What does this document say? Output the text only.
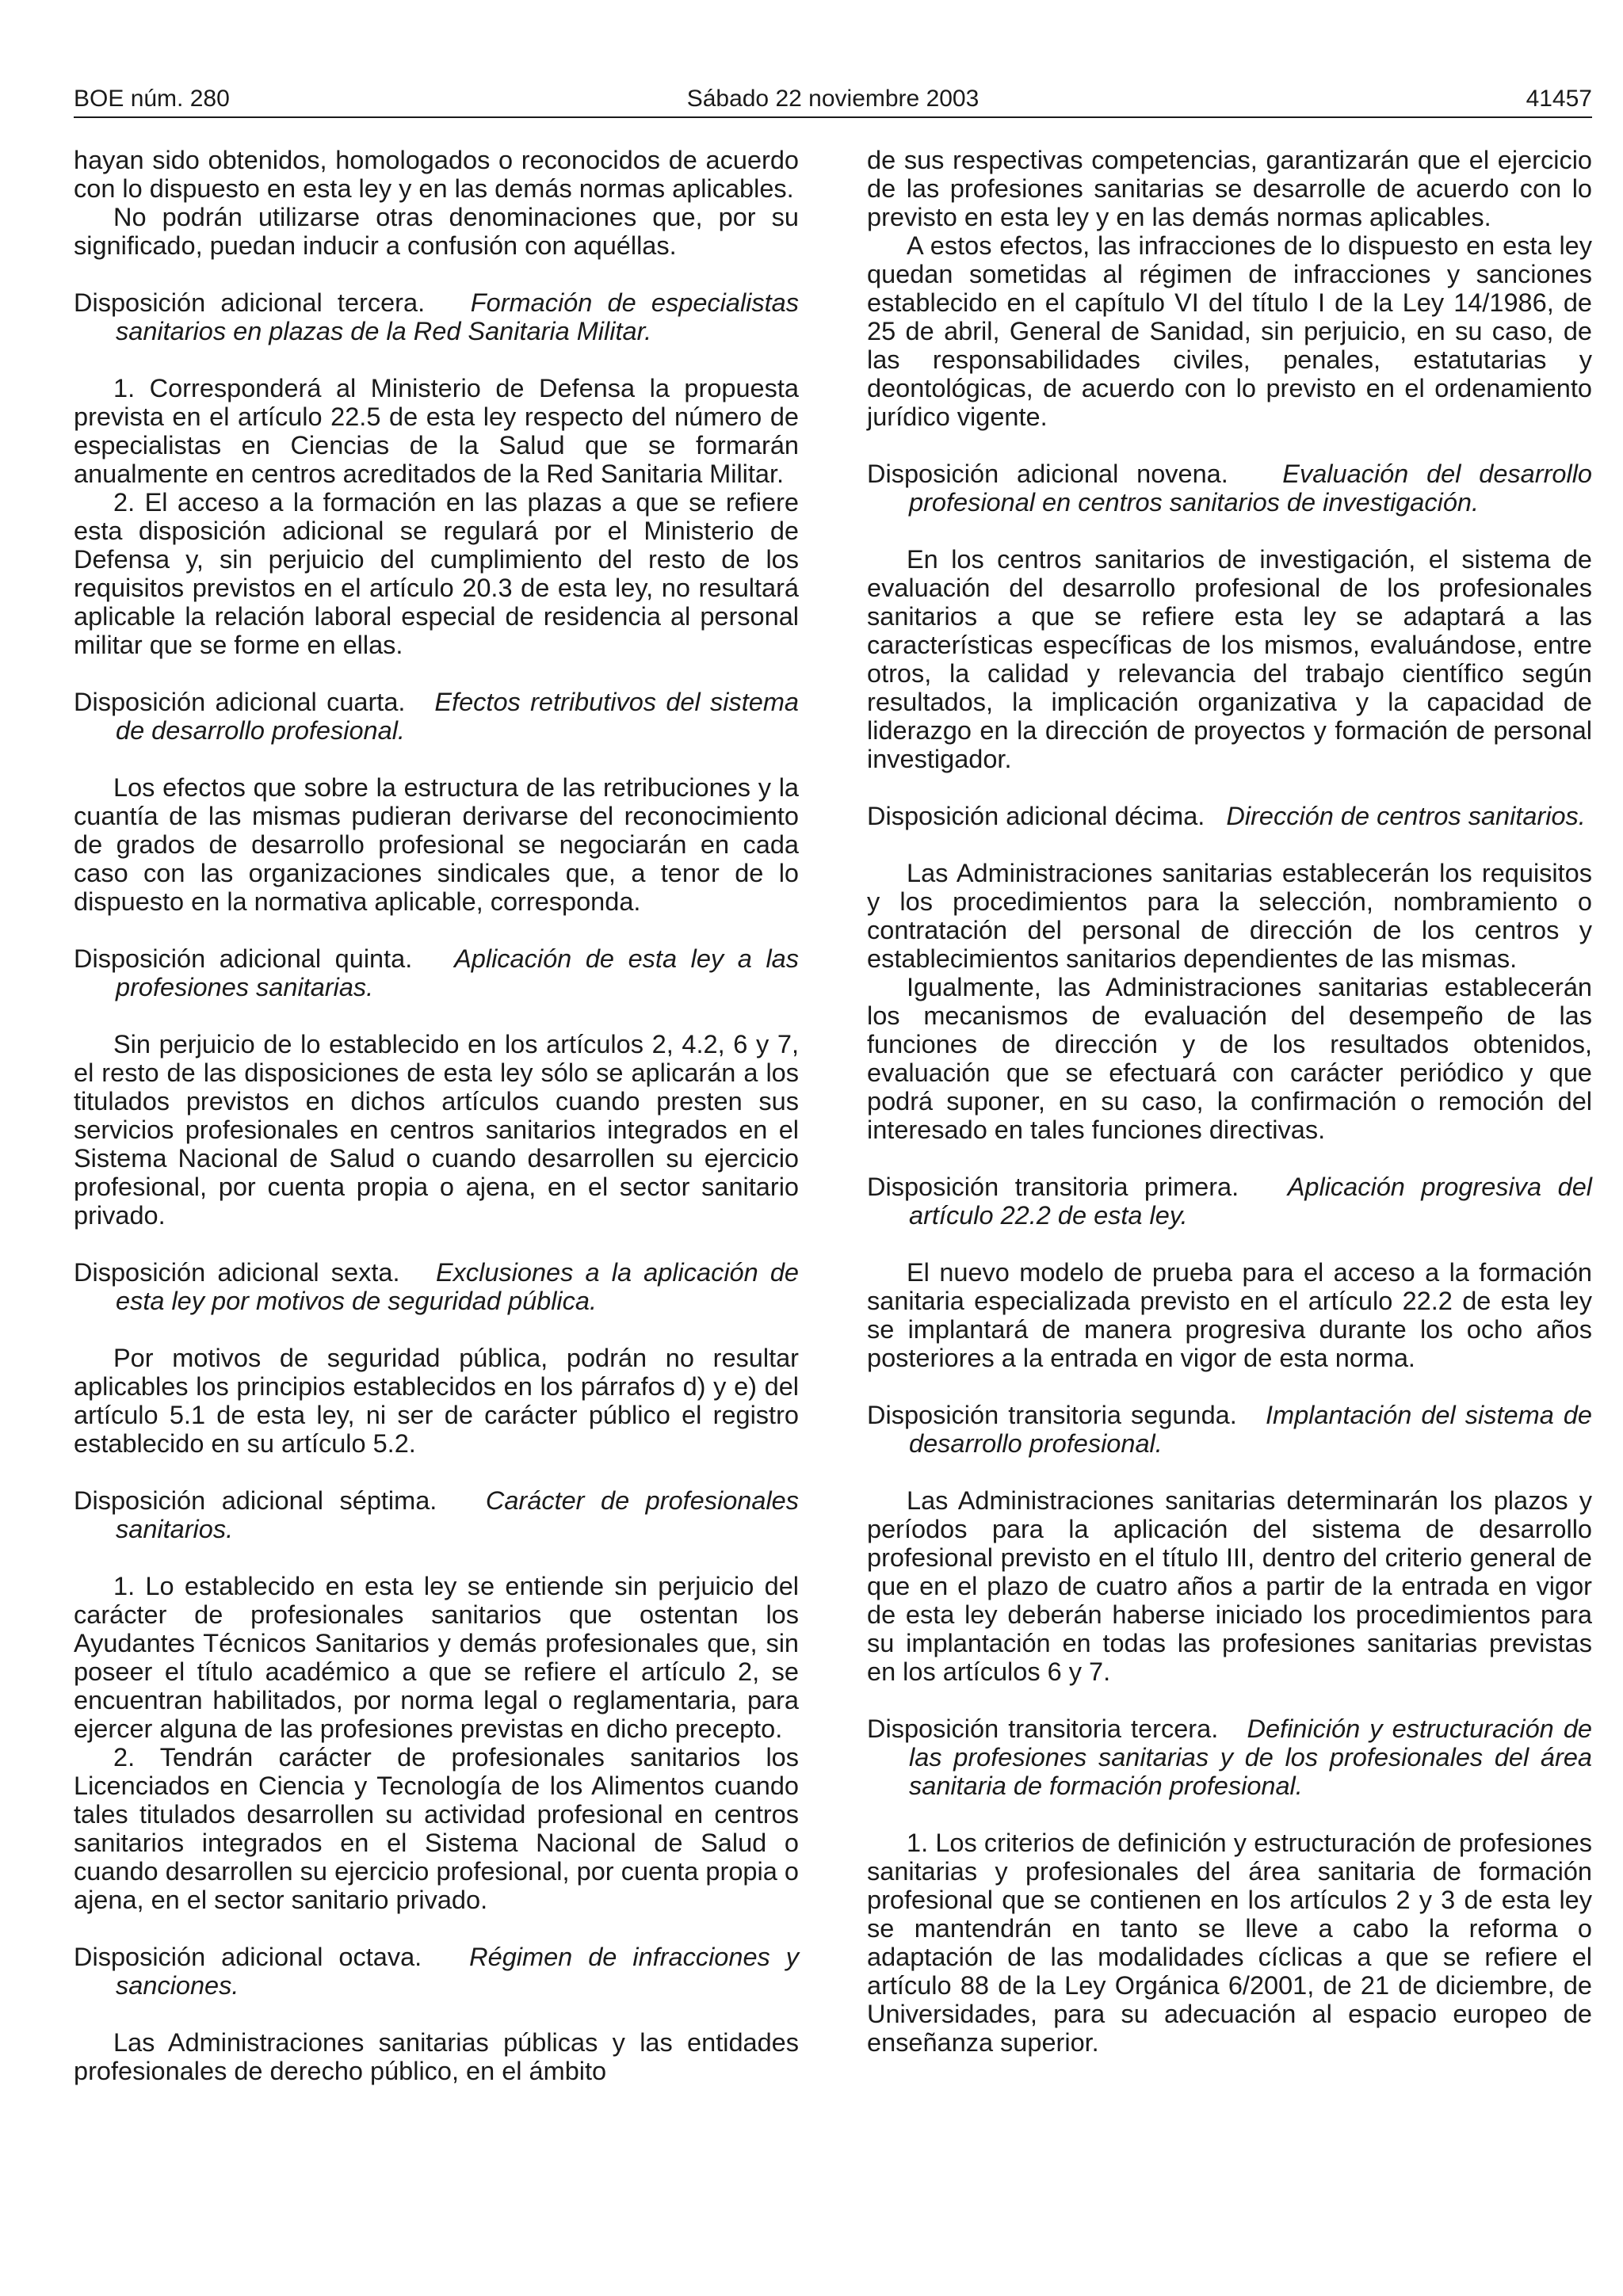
BOE núm. 280	Sábado 22 noviembre 2003	41457

hayan sido obtenidos, homologados o reconocidos de acuerdo con lo dispuesto en esta ley y en las demás normas aplicables.

No podrán utilizarse otras denominaciones que, por su significado, puedan inducir a confusión con aquéllas.

Disposición adicional tercera. Formación de especialistas sanitarios en plazas de la Red Sanitaria Militar.

1. Corresponderá al Ministerio de Defensa la propuesta prevista en el artículo 22.5 de esta ley respecto del número de especialistas en Ciencias de la Salud que se formarán anualmente en centros acreditados de la Red Sanitaria Militar.

2. El acceso a la formación en las plazas a que se refiere esta disposición adicional se regulará por el Ministerio de Defensa y, sin perjuicio del cumplimiento del resto de los requisitos previstos en el artículo 20.3 de esta ley, no resultará aplicable la relación laboral especial de residencia al personal militar que se forme en ellas.

Disposición adicional cuarta. Efectos retributivos del sistema de desarrollo profesional.

Los efectos que sobre la estructura de las retribuciones y la cuantía de las mismas pudieran derivarse del reconocimiento de grados de desarrollo profesional se negociarán en cada caso con las organizaciones sindicales que, a tenor de lo dispuesto en la normativa aplicable, corresponda.

Disposición adicional quinta. Aplicación de esta ley a las profesiones sanitarias.

Sin perjuicio de lo establecido en los artículos 2, 4.2, 6 y 7, el resto de las disposiciones de esta ley sólo se aplicarán a los titulados previstos en dichos artículos cuando presten sus servicios profesionales en centros sanitarios integrados en el Sistema Nacional de Salud o cuando desarrollen su ejercicio profesional, por cuenta propia o ajena, en el sector sanitario privado.

Disposición adicional sexta. Exclusiones a la aplicación de esta ley por motivos de seguridad pública.

Por motivos de seguridad pública, podrán no resultar aplicables los principios establecidos en los párrafos d) y e) del artículo 5.1 de esta ley, ni ser de carácter público el registro establecido en su artículo 5.2.

Disposición adicional séptima. Carácter de profesionales sanitarios.

1. Lo establecido en esta ley se entiende sin perjuicio del carácter de profesionales sanitarios que ostentan los Ayudantes Técnicos Sanitarios y demás profesionales que, sin poseer el título académico a que se refiere el artículo 2, se encuentran habilitados, por norma legal o reglamentaria, para ejercer alguna de las profesiones previstas en dicho precepto.

2. Tendrán carácter de profesionales sanitarios los Licenciados en Ciencia y Tecnología de los Alimentos cuando tales titulados desarrollen su actividad profesional en centros sanitarios integrados en el Sistema Nacional de Salud o cuando desarrollen su ejercicio profesional, por cuenta propia o ajena, en el sector sanitario privado.

Disposición adicional octava. Régimen de infracciones y sanciones.

Las Administraciones sanitarias públicas y las entidades profesionales de derecho público, en el ámbito

de sus respectivas competencias, garantizarán que el ejercicio de las profesiones sanitarias se desarrolle de acuerdo con lo previsto en esta ley y en las demás normas aplicables.

A estos efectos, las infracciones de lo dispuesto en esta ley quedan sometidas al régimen de infracciones y sanciones establecido en el capítulo VI del título I de la Ley 14/1986, de 25 de abril, General de Sanidad, sin perjuicio, en su caso, de las responsabilidades civiles, penales, estatutarias y deontológicas, de acuerdo con lo previsto en el ordenamiento jurídico vigente.

Disposición adicional novena. Evaluación del desarrollo profesional en centros sanitarios de investigación.

En los centros sanitarios de investigación, el sistema de evaluación del desarrollo profesional de los profesionales sanitarios a que se refiere esta ley se adaptará a las características específicas de los mismos, evaluándose, entre otros, la calidad y relevancia del trabajo científico según resultados, la implicación organizativa y la capacidad de liderazgo en la dirección de proyectos y formación de personal investigador.

Disposición adicional décima. Dirección de centros sanitarios.

Las Administraciones sanitarias establecerán los requisitos y los procedimientos para la selección, nombramiento o contratación del personal de dirección de los centros y establecimientos sanitarios dependientes de las mismas.

Igualmente, las Administraciones sanitarias establecerán los mecanismos de evaluación del desempeño de las funciones de dirección y de los resultados obtenidos, evaluación que se efectuará con carácter periódico y que podrá suponer, en su caso, la confirmación o remoción del interesado en tales funciones directivas.

Disposición transitoria primera. Aplicación progresiva del artículo 22.2 de esta ley.

El nuevo modelo de prueba para el acceso a la formación sanitaria especializada previsto en el artículo 22.2 de esta ley se implantará de manera progresiva durante los ocho años posteriores a la entrada en vigor de esta norma.

Disposición transitoria segunda. Implantación del sistema de desarrollo profesional.

Las Administraciones sanitarias determinarán los plazos y períodos para la aplicación del sistema de desarrollo profesional previsto en el título III, dentro del criterio general de que en el plazo de cuatro años a partir de la entrada en vigor de esta ley deberán haberse iniciado los procedimientos para su implantación en todas las profesiones sanitarias previstas en los artículos 6 y 7.

Disposición transitoria tercera. Definición y estructuración de las profesiones sanitarias y de los profesionales del área sanitaria de formación profesional.

1. Los criterios de definición y estructuración de profesiones sanitarias y profesionales del área sanitaria de formación profesional que se contienen en los artículos 2 y 3 de esta ley se mantendrán en tanto se lleve a cabo la reforma o adaptación de las modalidades cíclicas a que se refiere el artículo 88 de la Ley Orgánica 6/2001, de 21 de diciembre, de Universidades, para su adecuación al espacio europeo de enseñanza superior.
